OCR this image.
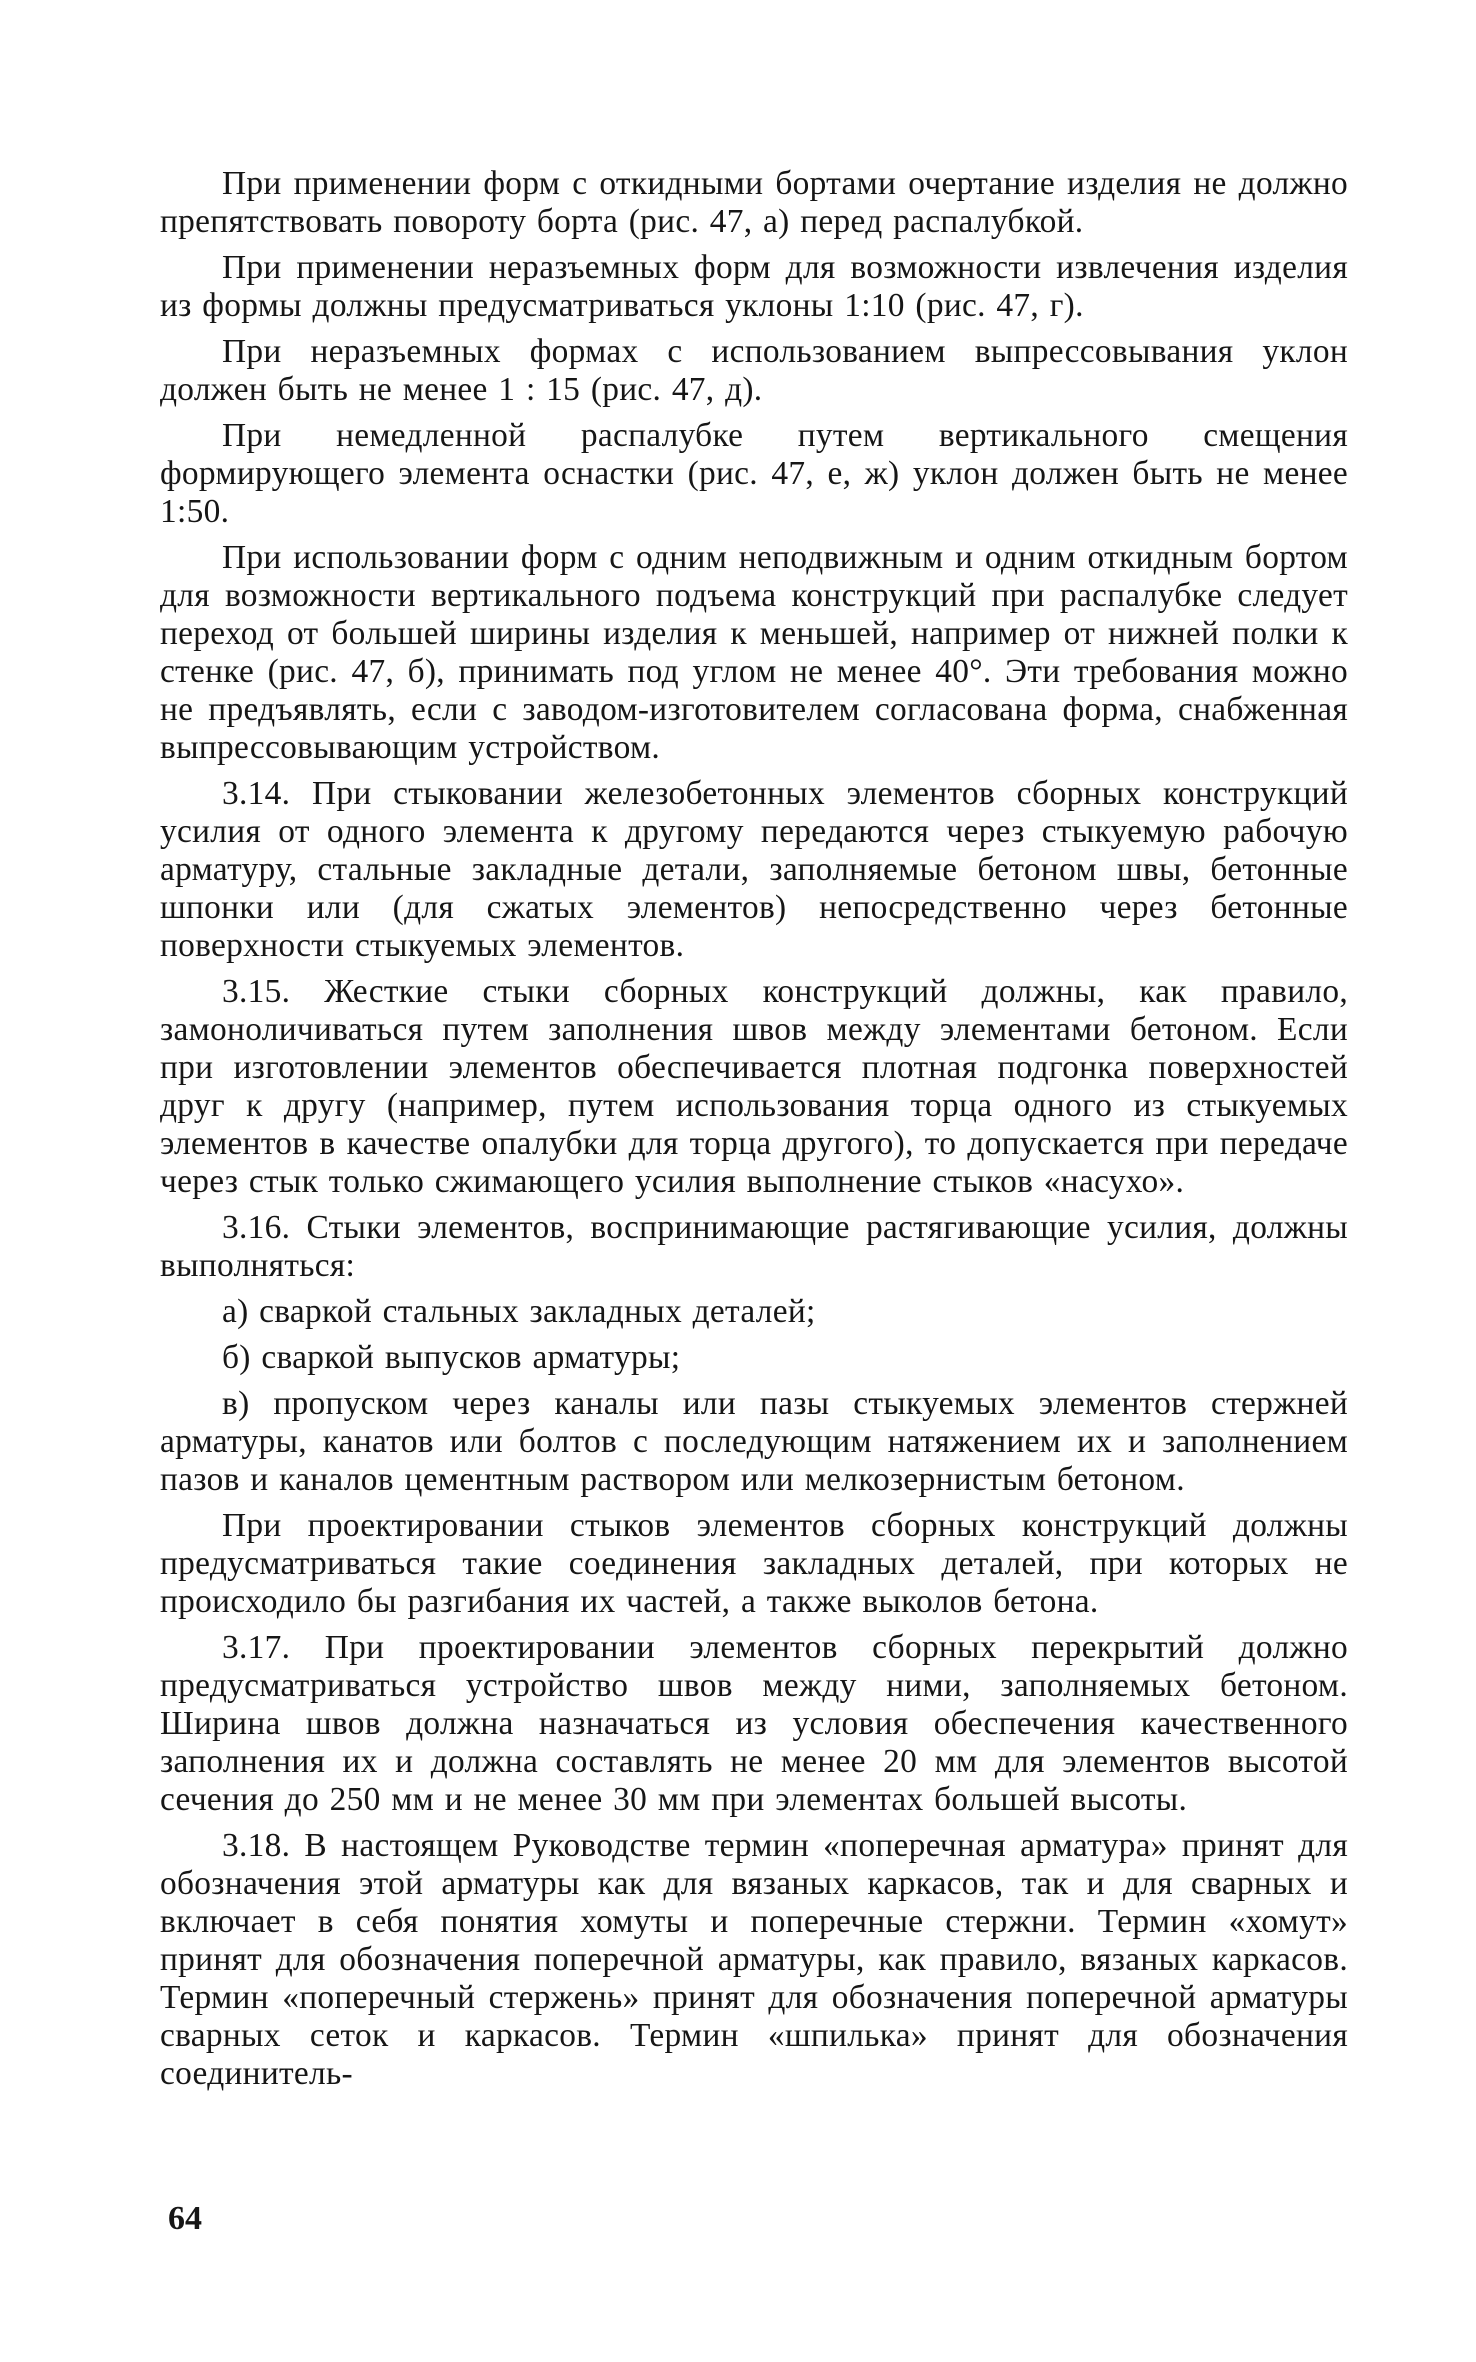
При применении форм с откидными бортами очертание изделия не должно препятствовать повороту борта (рис. 47, а) перед распалубкой.

При применении неразъемных форм для возможности извлечения изделия из формы должны предусматриваться уклоны 1:10 (рис. 47, г).

При неразъемных формах с использованием выпрессовывания уклон должен быть не менее 1 : 15 (рис. 47, д).

При немедленной распалубке путем вертикального смещения формирующего элемента оснастки (рис. 47, е, ж) уклон должен быть не менее 1:50.

При использовании форм с одним неподвижным и одним откидным бортом для возможности вертикального подъема конструкций при распалубке следует переход от большей ширины изделия к меньшей, например от нижней полки к стенке (рис. 47, б), принимать под углом не менее 40°. Эти требования можно не предъявлять, если с заводом-изготовителем согласована форма, снабженная выпрессовывающим устройством.

3.14. При стыковании железобетонных элементов сборных конструкций усилия от одного элемента к другому передаются через стыкуемую рабочую арматуру, стальные закладные детали, заполняемые бетоном швы, бетонные шпонки или (для сжатых элементов) непосредственно через бетонные поверхности стыкуемых элементов.

3.15. Жесткие стыки сборных конструкций должны, как правило, замоноличиваться путем заполнения швов между элементами бетоном. Если при изготовлении элементов обеспечивается плотная подгонка поверхностей друг к другу (например, путем использования торца одного из стыкуемых элементов в качестве опалубки для торца другого), то допускается при передаче через стык только сжимающего усилия выполнение стыков «насухо».

3.16. Стыки элементов, воспринимающие растягивающие усилия, должны выполняться:

а) сваркой стальных закладных деталей;

б) сваркой выпусков арматуры;

в) пропуском через каналы или пазы стыкуемых элементов стержней арматуры, канатов или болтов с последующим натяжением их и заполнением пазов и каналов цементным раствором или мелкозернистым бетоном.

При проектировании стыков элементов сборных конструкций должны предусматриваться такие соединения закладных деталей, при которых не происходило бы разгибания их частей, а также выколов бетона.

3.17. При проектировании элементов сборных перекрытий должно предусматриваться устройство швов между ними, заполняемых бетоном. Ширина швов должна назначаться из условия обеспечения качественного заполнения их и должна составлять не менее 20 мм для элементов высотой сечения до 250 мм и не менее 30 мм при элементах большей высоты.

3.18. В настоящем Руководстве термин «поперечная арматура» принят для обозначения этой арматуры как для вязаных каркасов, так и для сварных и включает в себя понятия хомуты и поперечные стержни. Термин «хомут» принят для обозначения поперечной арматуры, как правило, вязаных каркасов. Термин «поперечный стержень» принят для обозначения поперечной арматуры сварных сеток и каркасов. Термин «шпилька» принят для обозначения соединитель-

64
